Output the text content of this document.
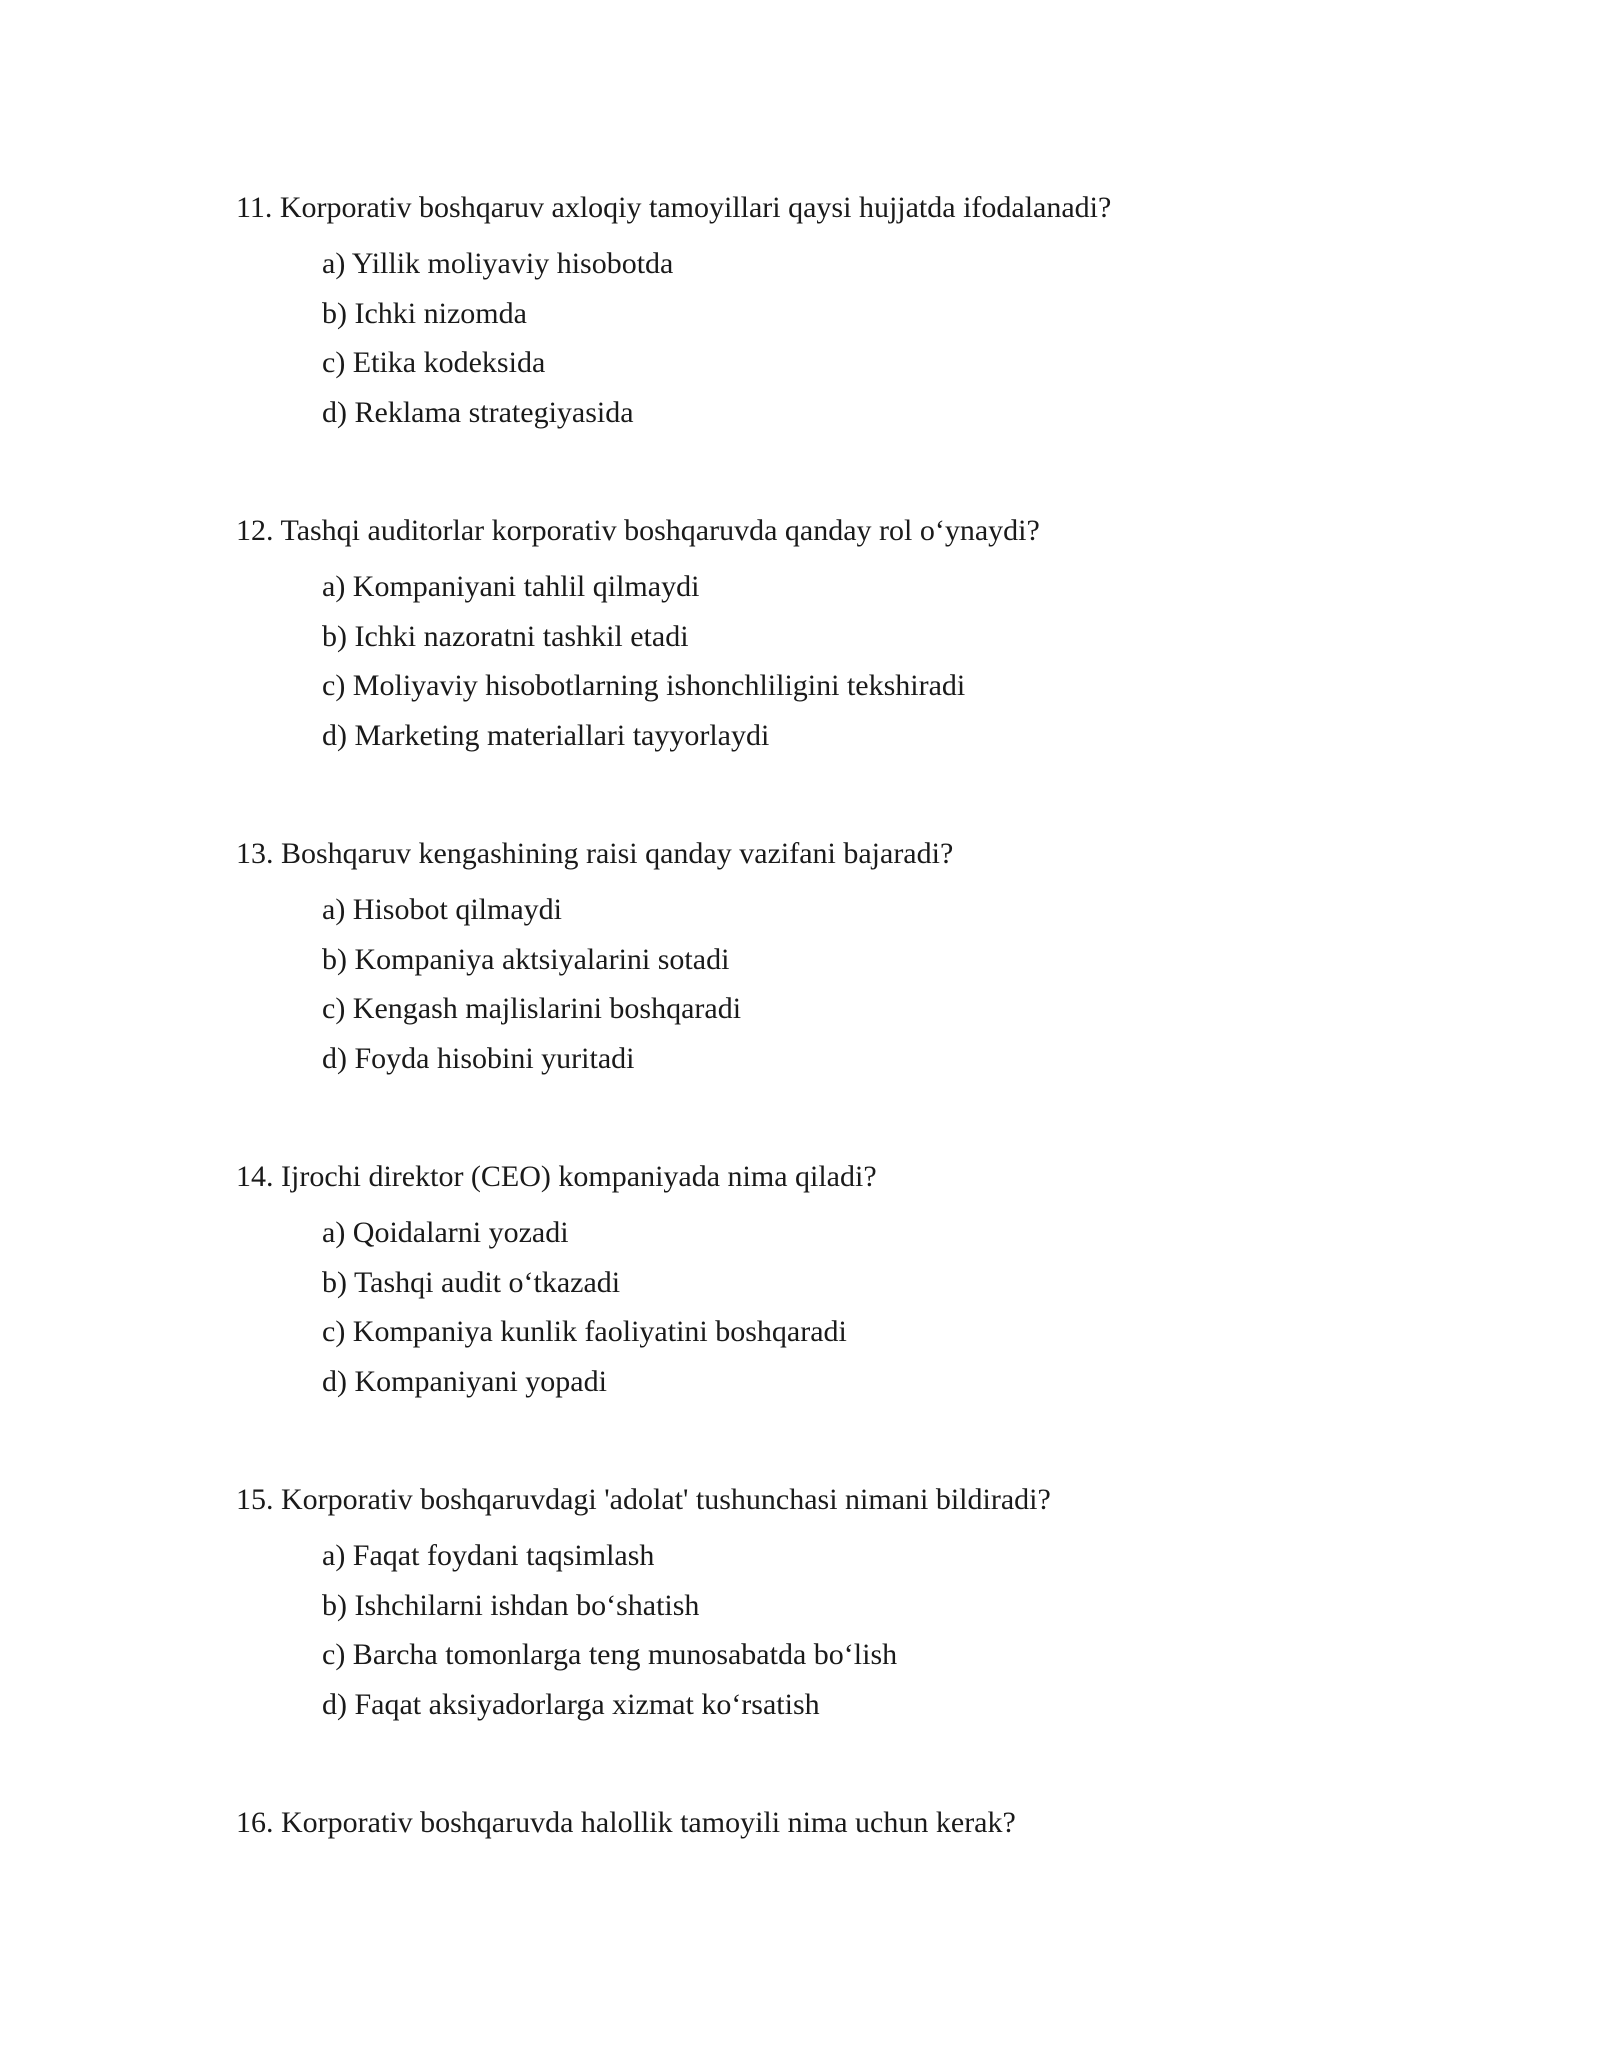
11. Korporativ boshqaruv axloqiy tamoyillari qaysi hujjatda ifodalanadi?
a) Yillik moliyaviy hisobotda
b) Ichki nizomda
c) Etika kodeksida
d) Reklama strategiyasida
12. Tashqi auditorlar korporativ boshqaruvda qanday rol o‘ynaydi?
a) Kompaniyani tahlil qilmaydi
b) Ichki nazoratni tashkil etadi
c) Moliyaviy hisobotlarning ishonchliligini tekshiradi
d) Marketing materiallari tayyorlaydi
13. Boshqaruv kengashining raisi qanday vazifani bajaradi?
a) Hisobot qilmaydi
b) Kompaniya aktsiyalarini sotadi
c) Kengash majlislarini boshqaradi
d) Foyda hisobini yuritadi
14. Ijrochi direktor (CEO) kompaniyada nima qiladi?
a) Qoidalarni yozadi
b) Tashqi audit o‘tkazadi
c) Kompaniya kunlik faoliyatini boshqaradi
d) Kompaniyani yopadi
15. Korporativ boshqaruvdagi 'adolat' tushunchasi nimani bildiradi?
a) Faqat foydani taqsimlash
b) Ishchilarni ishdan bo‘shatish
c) Barcha tomonlarga teng munosabatda bo‘lish
d) Faqat aksiyadorlarga xizmat ko‘rsatish
16. Korporativ boshqaruvda halollik tamoyili nima uchun kerak?
